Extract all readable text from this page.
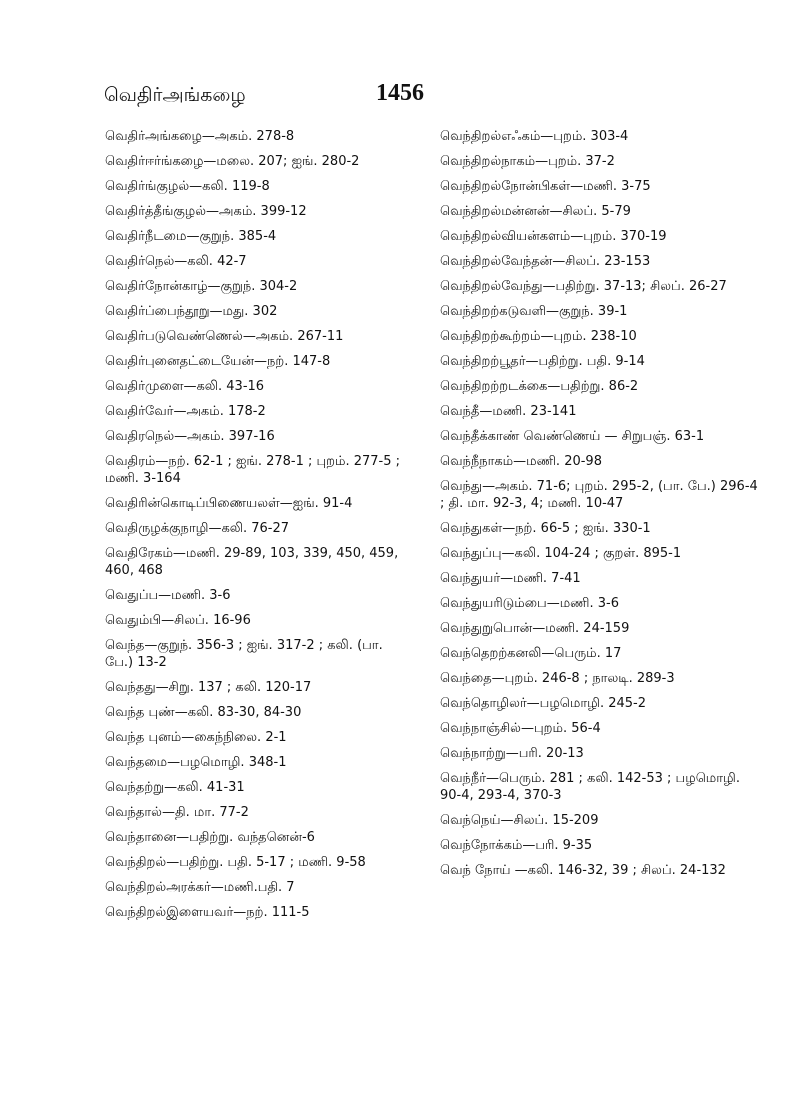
வெதிர்அங்கழை	1456
வெதிர்அங்கழை—அகம். 278-8
வெதிர்ஈர்ங்கழை—மலை. 207; ஐங். 280-2
வெதிர்ங்குழல்—கலி. 119-8
வெதிர்த்தீங்குழல்—அகம். 399-12
வெதிர்நீடமை—குறுந். 385-4
வெதிர்நெல்—கலி. 42-7
வெதிர்நோன்காழ்—குறுந். 304-2
வெதிர்ப்பைந்தூறு—மது. 302
வெதிர்படுவெண்ணெல்—அகம். 267-11
வெதிர்புனைதட்டையேன்—நற். 147-8
வெதிர்முளை—கலி. 43-16
வெதிர்வேர்—அகம். 178-2
வெதிரநெல்—அகம். 397-16
வெதிரம்—நற். 62-1 ; ஐங். 278-1 ; புறம். 277-5 ; மணி. 3-164
வெதிரின்கொடிப்பிணையலள்—ஐங். 91-4
வெதிருழக்குநாழி—கலி. 76-27
வெதிரேகம்—மணி. 29-89, 103, 339, 450, 459, 460, 468
வெதுப்ப—மணி. 3-6
வெதும்பி—சிலப். 16-96
வெந்த—குறுந். 356-3 ; ஐங். 317-2 ; கலி. (பா. பே.) 13-2
வெந்தது—சிறு. 137 ; கலி. 120-17
வெந்த புண்—கலி. 83-30, 84-30
வெந்த புனம்—கைந்நிலை. 2-1
வெந்தமை—பழமொழி. 348-1
வெந்தற்று—கலி. 41-31
வெந்தால்—தி. மா. 77-2
வெந்தானை—பதிற்று. வந்தனென்-6
வெந்திறல்—பதிற்று. பதி. 5-17 ; மணி. 9-58
வெந்திறல்அரக்கர்—மணி.பதி. 7
வெந்திறல்இளையவர்—நற். 111-5
வெந்திறல்எஃகம்—புறம். 303-4
வெந்திறல்நாகம்—புறம். 37-2
வெந்திறல்நோன்பிகள்—மணி. 3-75
வெந்திறல்மன்னன்—சிலப். 5-79
வெந்திறல்வியன்களம்—புறம். 370-19
வெந்திறல்வேந்தன்—சிலப். 23-153
வெந்திறல்வேந்து—பதிற்று. 37-13; சிலப். 26-27
வெந்திறற்கடுவளி—குறுந். 39-1
வெந்திறற்கூற்றம்—புறம். 238-10
வெந்திறற்பூதர்—பதிற்று. பதி. 9-14
வெந்திறற்றடக்கை—பதிற்று. 86-2
வெந்தீ—மணி. 23-141
வெந்தீக்காண் வெண்ணெய் — சிறுபஞ். 63-1
வெந்நீநாகம்—மணி. 20-98
வெந்து—அகம். 71-6; புறம். 295-2, (பா. பே.) 296-4 ; தி. மா. 92-3, 4; மணி. 10-47
வெந்துகள்—நற். 66-5 ; ஐங். 330-1
வெந்துப்பு—கலி. 104-24 ; குறள். 895-1
வெந்துயர்—மணி. 7-41
வெந்துயரிடும்பை—மணி. 3-6
வெந்துறுபொன்—மணி. 24-159
வெந்தெறற்கனலி—பெரும். 17
வெந்தை—புறம். 246-8 ; நாலடி. 289-3
வெந்தொழிலர்—பழமொழி. 245-2
வெந்நாஞ்சில்—புறம். 56-4
வெந்நாற்று—பரி. 20-13
வெந்நீர்—பெரும். 281 ; கலி. 142-53 ; பழமொழி. 90-4, 293-4, 370-3
வெந்நெய்—சிலப். 15-209
வெந்நோக்கம்—பரி. 9-35
வெந் நோய் —கலி. 146-32, 39 ; சிலப். 24-132
